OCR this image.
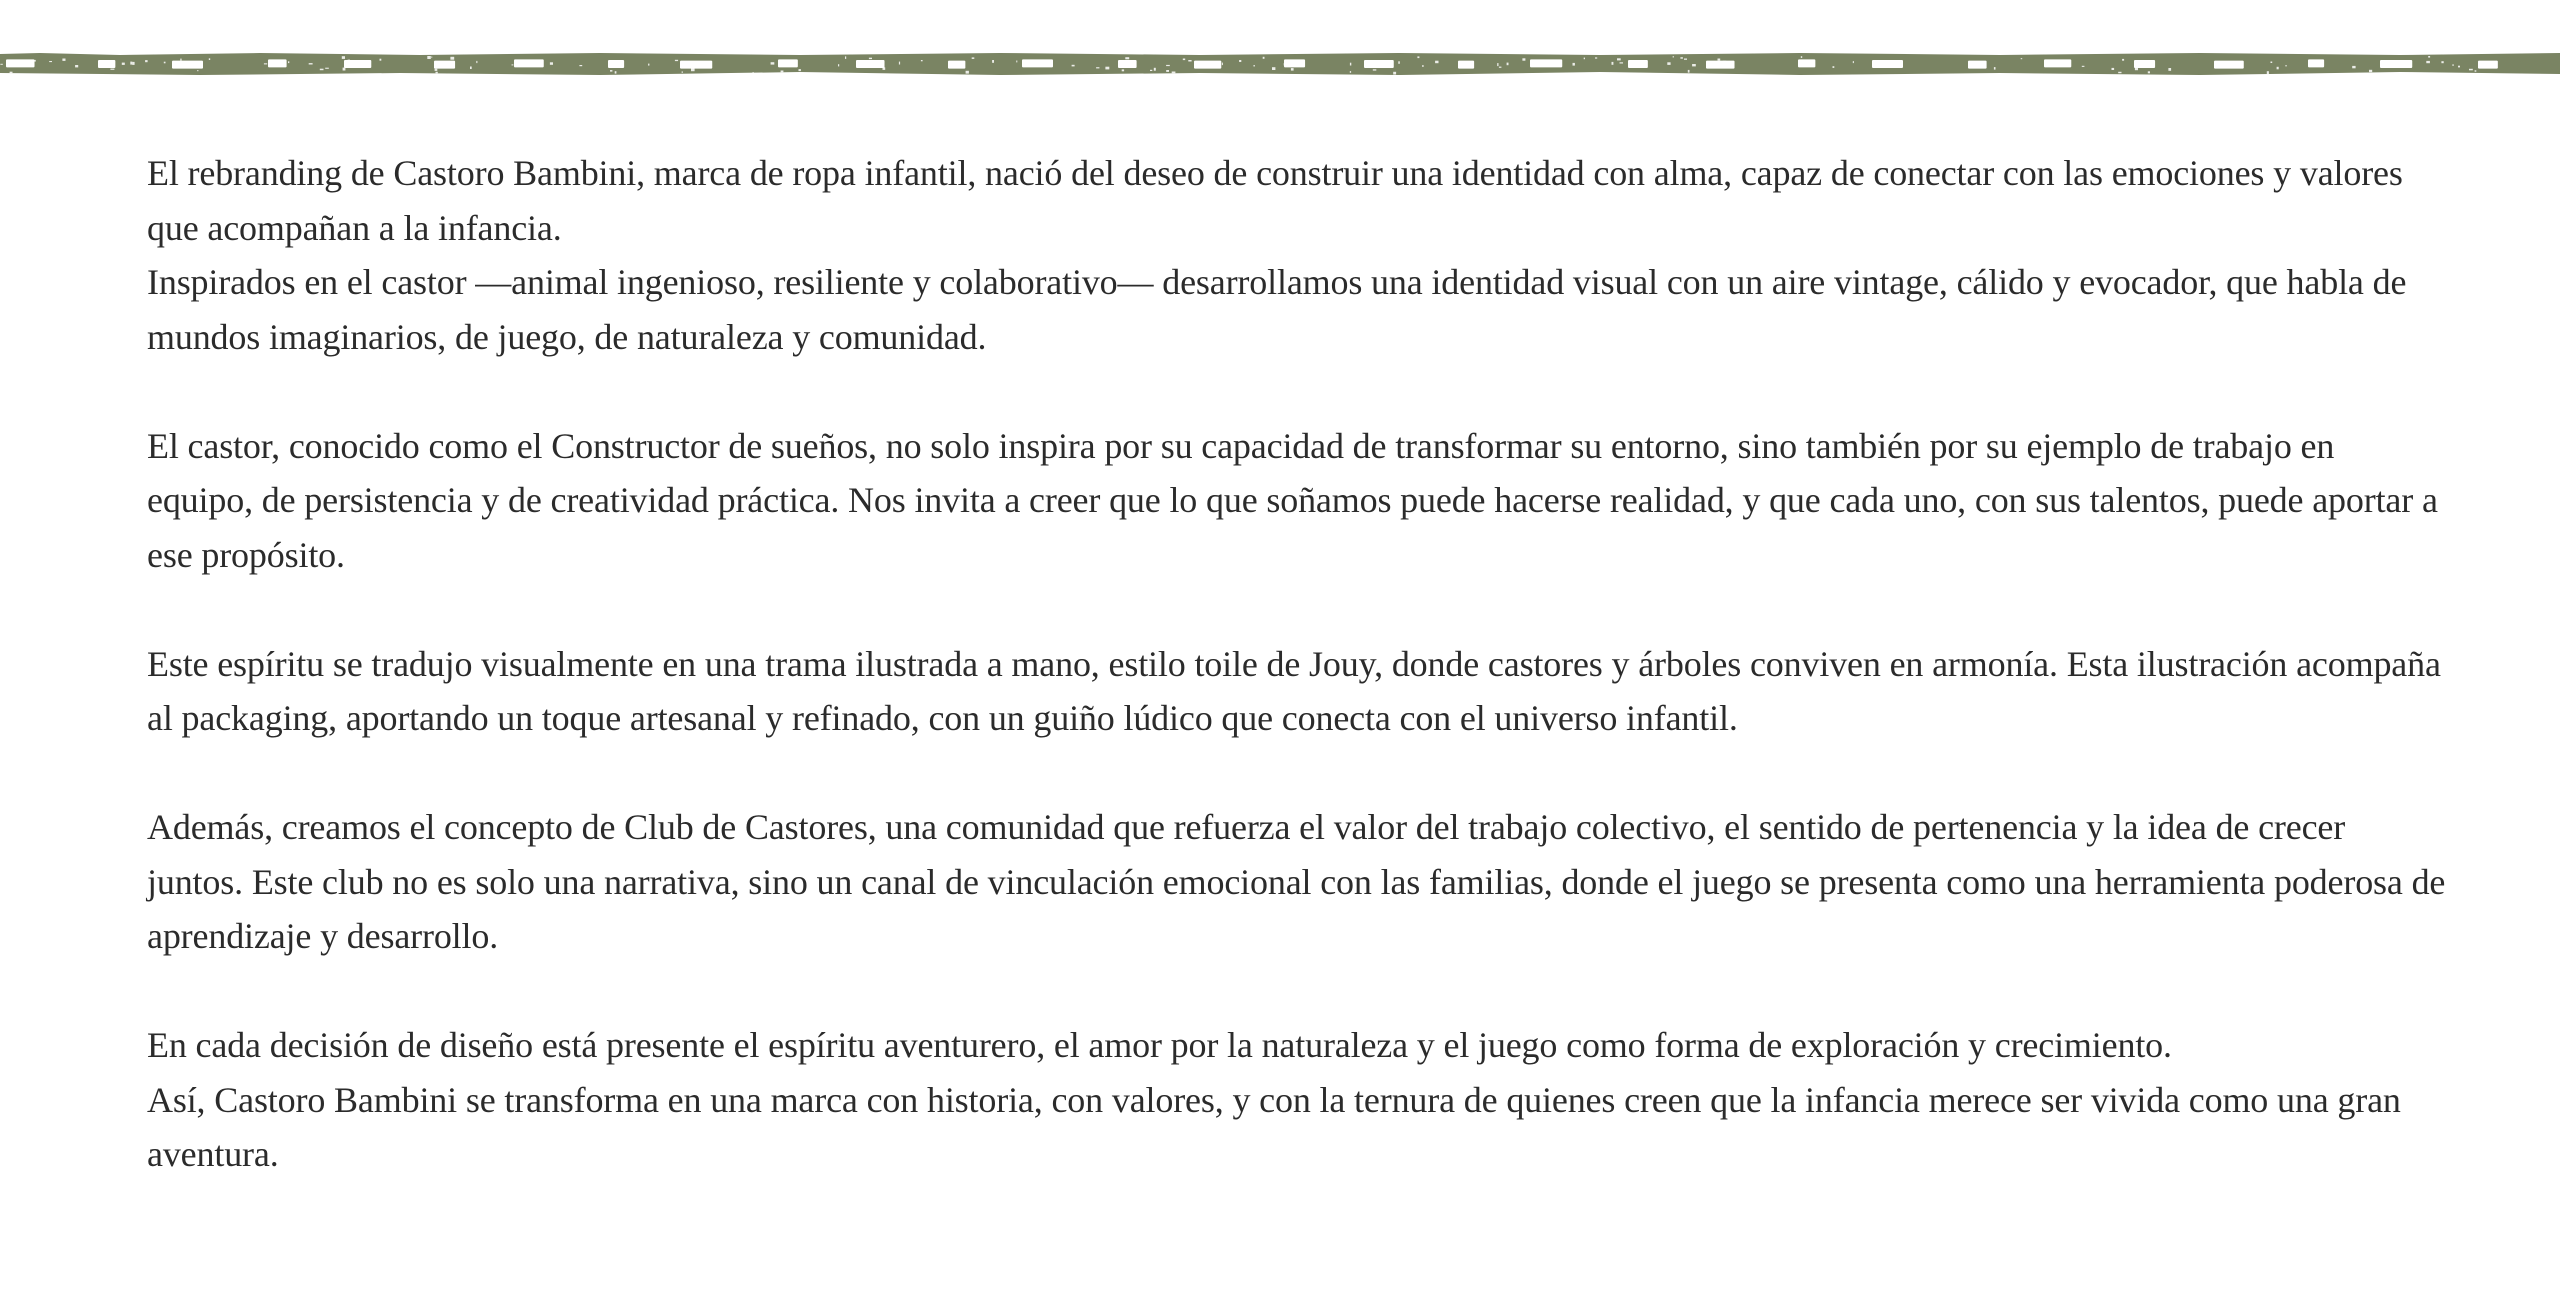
El rebranding de Castoro Bambini, marca de ropa infantil, nació del deseo de construir una identidad con alma, capaz de conectar con las emociones y valores que acompañan a la infancia.
Inspirados en el castor —animal ingenioso, resiliente y colaborativo— desarrollamos una identidad visual con un aire vintage, cálido y evocador, que habla de mundos imaginarios, de juego, de naturaleza y comunidad.

El castor, conocido como el Constructor de sueños, no solo inspira por su capacidad de transformar su entorno, sino también por su ejemplo de trabajo en equipo, de persistencia y de creatividad práctica. Nos invita a creer que lo que soñamos puede hacerse realidad, y que cada uno, con sus talentos, puede aportar a ese propósito.

Este espíritu se tradujo visualmente en una trama ilustrada a mano, estilo toile de Jouy, donde castores y árboles conviven en armonía. Esta ilustración acompaña al packaging, aportando un toque artesanal y refinado, con un guiño lúdico que conecta con el universo infantil.

Además, creamos el concepto de Club de Castores, una comunidad que refuerza el valor del trabajo colectivo, el sentido de pertenencia y la idea de crecer juntos. Este club no es solo una narrativa, sino un canal de vinculación emocional con las familias, donde el juego se presenta como una herramienta poderosa de aprendizaje y desarrollo.

En cada decisión de diseño está presente el espíritu aventurero, el amor por la naturaleza y el juego como forma de exploración y crecimiento.
Así, Castoro Bambini se transforma en una marca con historia, con valores, y con la ternura de quienes creen que la infancia merece ser vivida como una gran aventura.
